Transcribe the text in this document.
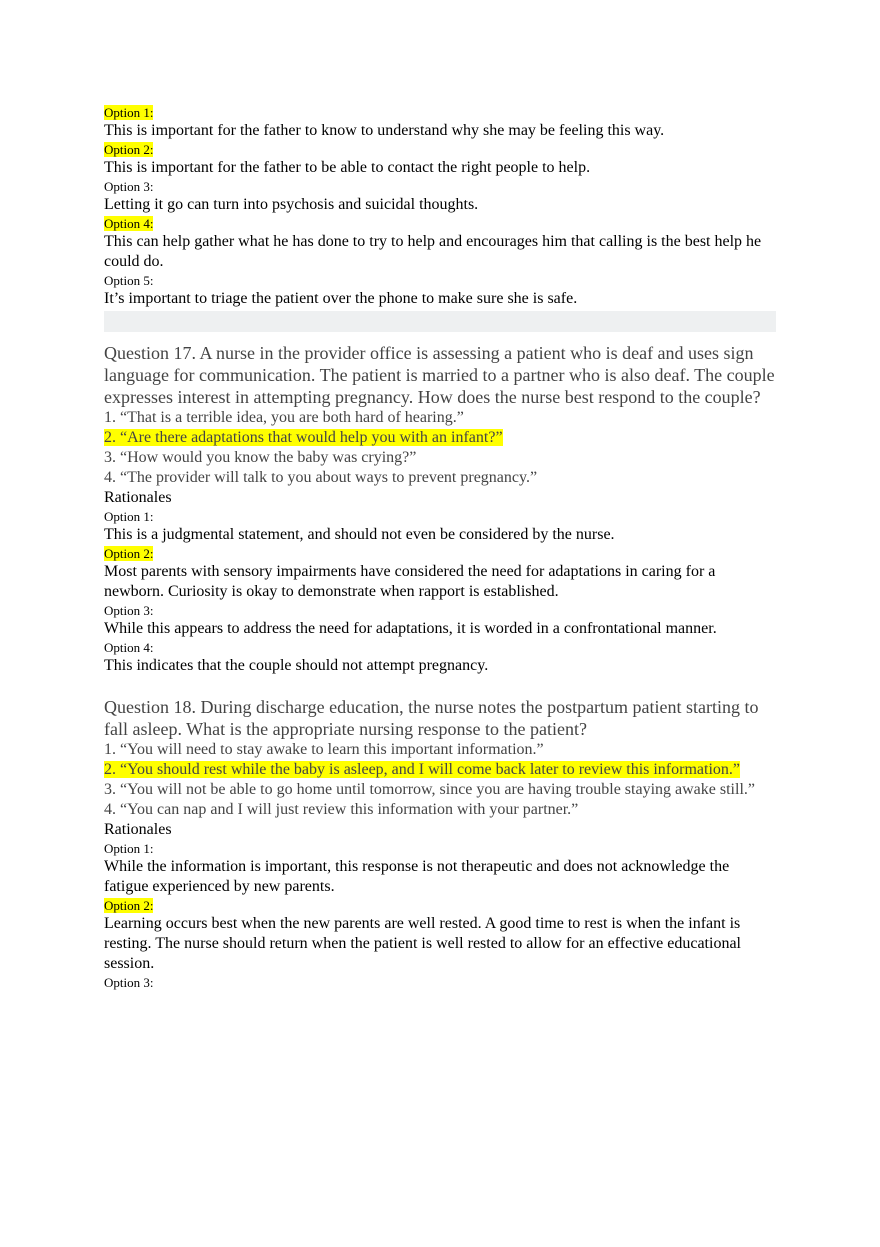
Option 1:

This is important for the father to know to understand why she may be feeling this way.

Option 2:

This is important for the father to be able to contact the right people to help.

Option 3:

Letting it go can turn into psychosis and suicidal thoughts.

Option 4:

This can help gather what he has done to try to help and encourages him that calling is the best help he could do.

Option 5:

It’s important to triage the patient over the phone to make sure she is safe.

Question 17. A nurse in the provider office is assessing a patient who is deaf and uses sign language for communication. The patient is married to a partner who is also deaf. The couple expresses interest in attempting pregnancy. How does the nurse best respond to the couple?
1. “That is a terrible idea, you are both hard of hearing.”
2. “Are there adaptations that would help you with an infant?”
3. “How would you know the baby was crying?”
4. “The provider will talk to you about ways to prevent pregnancy.”
Rationales
Option 1:

This is a judgmental statement, and should not even be considered by the nurse.

Option 2:

Most parents with sensory impairments have considered the need for adaptations in caring for a newborn. Curiosity is okay to demonstrate when rapport is established.

Option 3:

While this appears to address the need for adaptations, it is worded in a confrontational manner.

Option 4:

This indicates that the couple should not attempt pregnancy.

Question 18. During discharge education, the nurse notes the postpartum patient starting to fall asleep. What is the appropriate nursing response to the patient?
1. “You will need to stay awake to learn this important information.”
2. “You should rest while the baby is asleep, and I will come back later to review this information.”
3. “You will not be able to go home until tomorrow, since you are having trouble staying awake still.”
4. “You can nap and I will just review this information with your partner.”
Rationales
Option 1:

While the information is important, this response is not therapeutic and does not acknowledge the fatigue experienced by new parents.

Option 2:

Learning occurs best when the new parents are well rested. A good time to rest is when the infant is resting. The nurse should return when the patient is well rested to allow for an effective educational session.

Option 3:
